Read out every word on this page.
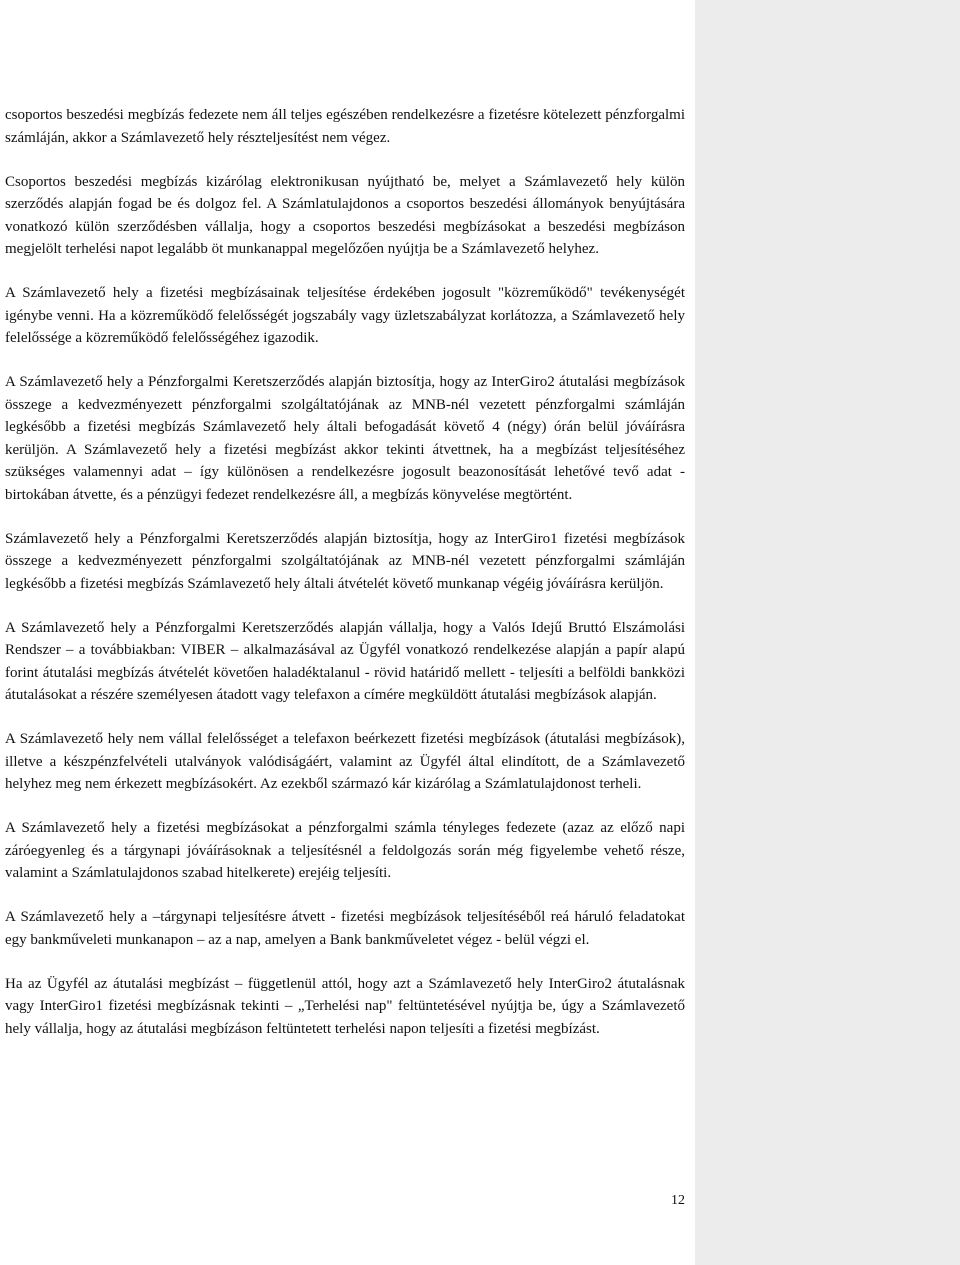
csoportos beszedési megbízás fedezete nem áll teljes egészében rendelkezésre a fizetésre kötelezett pénzforgalmi számláján, akkor a Számlavezető hely részteljesítést nem végez.

Csoportos beszedési megbízás kizárólag elektronikusan nyújtható be, melyet a Számlavezető hely külön szerződés alapján fogad be és dolgoz fel. A Számlatulajdonos a csoportos beszedési állományok benyújtására vonatkozó külön szerződésben vállalja, hogy a csoportos beszedési megbízásokat a beszedési megbízáson megjelölt terhelési napot legalább öt munkanappal megelőzően nyújtja be a Számlavezető helyhez.

A Számlavezető hely a fizetési megbízásainak teljesítése érdekében jogosult "közreműködő" tevékenységét igénybe venni. Ha a közreműködő felelősségét jogszabály vagy üzletszabályzat korlátozza, a Számlavezető hely felelőssége a közreműködő felelősségéhez igazodik.

A Számlavezető hely a Pénzforgalmi Keretszerződés alapján biztosítja, hogy az InterGiro2 átutalási megbízások összege a kedvezményezett pénzforgalmi szolgáltatójának az MNB-nél vezetett pénzforgalmi számláján legkésőbb a fizetési megbízás Számlavezető hely általi befogadását követő 4 (négy) órán belül jóváírásra kerüljön. A Számlavezető hely a fizetési megbízást akkor tekinti átvettnek, ha a megbízást teljesítéséhez szükséges valamennyi adat – így különösen a rendelkezésre jogosult beazonosítását lehetővé tevő adat - birtokában átvette, és a pénzügyi fedezet rendelkezésre áll, a megbízás könyvelése megtörtént.

Számlavezető hely a Pénzforgalmi Keretszerződés alapján biztosítja, hogy az InterGiro1 fizetési megbízások összege a kedvezményezett pénzforgalmi szolgáltatójának az MNB-nél vezetett pénzforgalmi számláján legkésőbb a fizetési megbízás Számlavezető hely általi átvételét követő munkanap végéig jóváírásra kerüljön.

A Számlavezető hely a Pénzforgalmi Keretszerződés alapján vállalja, hogy a Valós Idejű Bruttó Elszámolási Rendszer – a továbbiakban: VIBER – alkalmazásával az Ügyfél vonatkozó rendelkezése alapján a papír alapú forint átutalási megbízás átvételét követően haladéktalanul - rövid határidő mellett - teljesíti a belföldi bankközi átutalásokat a részére személyesen átadott vagy telefaxon a címére megküldött átutalási megbízások alapján.

A Számlavezető hely nem vállal felelősséget a telefaxon beérkezett fizetési megbízások (átutalási megbízások), illetve a készpénzfelvételi utalványok valódiságáért, valamint az Ügyfél által elindított, de a Számlavezető helyhez meg nem érkezett megbízásokért. Az ezekből származó kár kizárólag a Számlatulajdonost terheli.

A Számlavezető hely a fizetési megbízásokat a pénzforgalmi számla tényleges fedezete (azaz az előző napi záróegyenleg és a tárgynapi jóváírásoknak a teljesítésnél a feldolgozás során még figyelembe vehető része, valamint a Számlatulajdonos szabad hitelkerete) erejéig teljesíti.

A Számlavezető hely a –tárgynapi teljesítésre átvett - fizetési megbízások teljesítéséből reá háruló feladatokat egy bankműveleti munkanapon – az a nap, amelyen a Bank bankműveletet végez - belül végzi el.

Ha az Ügyfél az átutalási megbízást – függetlenül attól, hogy azt a Számlavezető hely InterGiro2 átutalásnak vagy InterGiro1 fizetési megbízásnak tekinti – „Terhelési nap" feltüntetésével nyújtja be, úgy a Számlavezető hely vállalja, hogy az átutalási megbízáson feltüntetett terhelési napon teljesíti a fizetési megbízást.

12
